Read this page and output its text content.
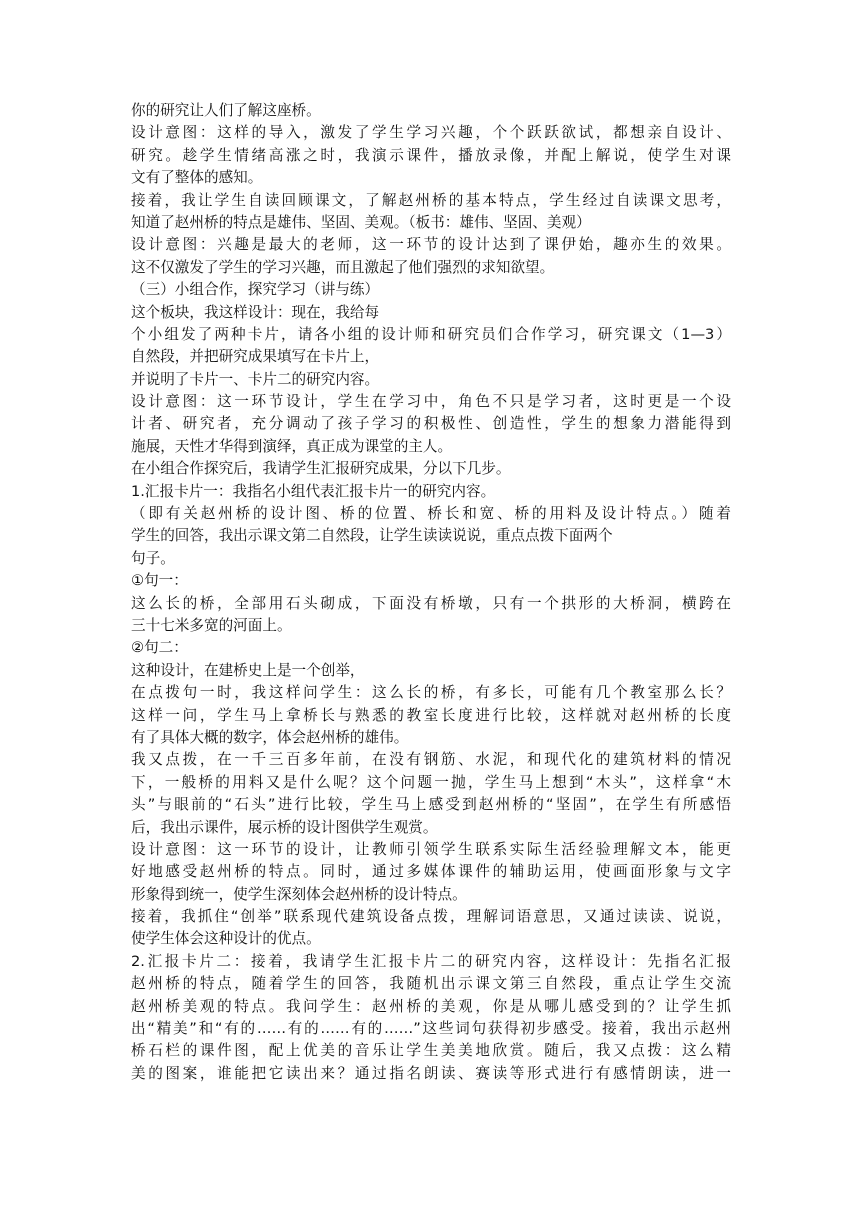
你的研究让人们了解这座桥。
设计意图：这样的导入，激发了学生学习兴趣，个个跃跃欲试，都想亲自设计、
研究。趁学生情绪高涨之时，我演示课件，播放录像，并配上解说，使学生对课
文有了整体的感知。
接着，我让学生自读回顾课文，了解赵州桥的基本特点，学生经过自读课文思考，
知道了赵州桥的特点是雄伟、坚固、美观。（板书：雄伟、坚固、美观）
设计意图：兴趣是最大的老师，这一环节的设计达到了课伊始，趣亦生的效果。
这不仅激发了学生的学习兴趣，而且激起了他们强烈的求知欲望。
（三）小组合作，探究学习（讲与练）
这个板块，我这样设计：现在，我给每
个小组发了两种卡片，请各小组的设计师和研究员们合作学习，研究课文（1—3）
自然段，并把研究成果填写在卡片上，
并说明了卡片一、卡片二的研究内容。
设计意图：这一环节设计，学生在学习中，角色不只是学习者，这时更是一个设
计者、研究者，充分调动了孩子学习的积极性、创造性，学生的想象力潜能得到
施展，天性才华得到演绎，真正成为课堂的主人。
在小组合作探究后，我请学生汇报研究成果，分以下几步。
1.汇报卡片一：我指名小组代表汇报卡片一的研究内容。
（即有关赵州桥的设计图、桥的位置、桥长和宽、桥的用料及设计特点。）随着
学生的回答，我出示课文第二自然段，让学生读读说说，重点点拨下面两个
句子。
①句一：
这么长的桥，全部用石头砌成，下面没有桥墩，只有一个拱形的大桥洞，横跨在
三十七米多宽的河面上。
②句二：
这种设计，在建桥史上是一个创举，
在点拨句一时，我这样问学生：这么长的桥，有多长，可能有几个教室那么长？
这样一问，学生马上拿桥长与熟悉的教室长度进行比较，这样就对赵州桥的长度
有了具体大概的数字，体会赵州桥的雄伟。
我又点拨，在一千三百多年前，在没有钢筋、水泥，和现代化的建筑材料的情况
下，一般桥的用料又是什么呢？这个问题一抛，学生马上想到“木头”，这样拿“木
头”与眼前的“石头”进行比较，学生马上感受到赵州桥的“坚固”，在学生有所感悟
后，我出示课件，展示桥的设计图供学生观赏。
设计意图：这一环节的设计，让教师引领学生联系实际生活经验理解文本，能更
好地感受赵州桥的特点。同时，通过多媒体课件的辅助运用，使画面形象与文字
形象得到统一，使学生深刻体会赵州桥的设计特点。
接着，我抓住“创举”联系现代建筑设备点拨，理解词语意思，又通过读读、说说，
使学生体会这种设计的优点。
2.汇报卡片二：接着，我请学生汇报卡片二的研究内容，这样设计：先指名汇报
赵州桥的特点，随着学生的回答，我随机出示课文第三自然段，重点让学生交流
赵州桥美观的特点。我问学生：赵州桥的美观，你是从哪儿感受到的？让学生抓
出“精美”和“有的……有的……有的……”这些词句获得初步感受。接着，我出示赵州
桥石栏的课件图，配上优美的音乐让学生美美地欣赏。随后，我又点拨：这么精
美的图案，谁能把它读出来？通过指名朗读、赛读等形式进行有感情朗读，进一
